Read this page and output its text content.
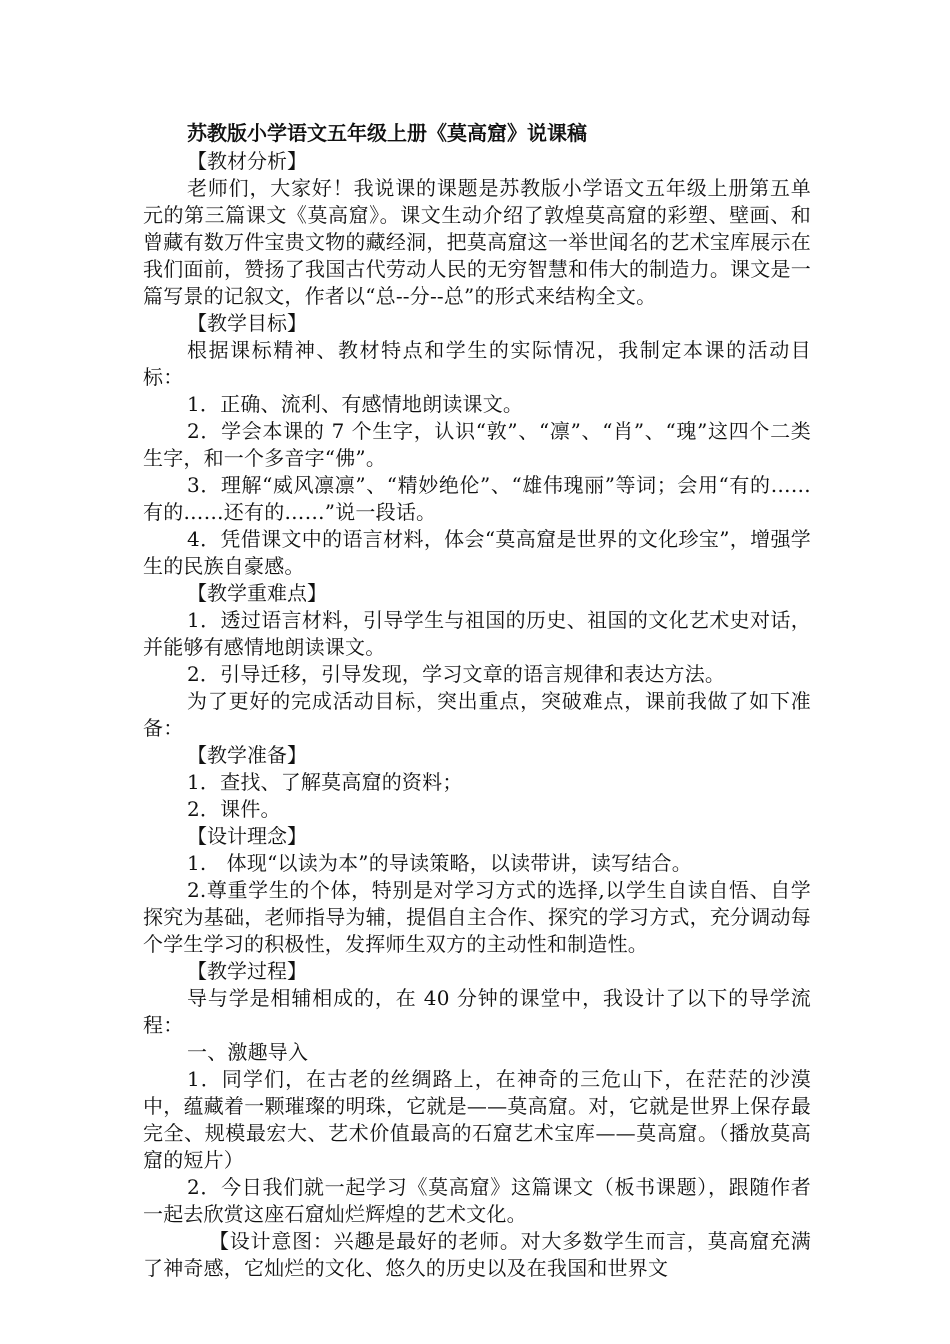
苏教版小学语文五年级上册《莫高窟》说课稿
【教材分析】
老师们，大家好！我说课的课题是苏教版小学语文五年级上册第五单元的第三篇课文《莫高窟》。课文生动介绍了敦煌莫高窟的彩塑、壁画、和曾藏有数万件宝贵文物的藏经洞，把莫高窟这一举世闻名的艺术宝库展示在我们面前，赞扬了我国古代劳动人民的无穷智慧和伟大的制造力。课文是一篇写景的记叙文，作者以“总--分--总”的形式来结构全文。
【教学目标】
根据课标精神、教材特点和学生的实际情况，我制定本课的活动目标：
1．正确、流利、有感情地朗读课文。
2．学会本课的 7 个生字，认识“敦”、“凛”、“肖”、“瑰”这四个二类生字，和一个多音字“佛”。
3．理解“威风凛凛”、“精妙绝伦”、“雄伟瑰丽”等词；会用“有的……有的……还有的……”说一段话。
4．凭借课文中的语言材料，体会“莫高窟是世界的文化珍宝”，增强学生的民族自豪感。
【教学重难点】
1．透过语言材料，引导学生与祖国的历史、祖国的文化艺术史对话，并能够有感情地朗读课文。
2．引导迁移，引导发现，学习文章的语言规律和表达方法。
为了更好的完成活动目标，突出重点，突破难点，课前我做了如下准备：
【教学准备】
1．查找、了解莫高窟的资料；
2．课件。
【设计理念】
1.　体现“以读为本”的导读策略，以读带讲，读写结合。
2.尊重学生的个体，特别是对学习方式的选择,以学生自读自悟、自学探究为基础，老师指导为辅，提倡自主合作、探究的学习方式，充分调动每个学生学习的积极性，发挥师生双方的主动性和制造性。
【教学过程】
导与学是相辅相成的，在 40 分钟的课堂中，我设计了以下的导学流程：
一、激趣导入
1．同学们，在古老的丝绸路上，在神奇的三危山下，在茫茫的沙漠中，蕴藏着一颗璀璨的明珠，它就是——莫高窟。对，它就是世界上保存最完全、规模最宏大、艺术价值最高的石窟艺术宝库——莫高窟。（播放莫高窟的短片）
2．今日我们就一起学习《莫高窟》这篇课文（板书课题），跟随作者一起去欣赏这座石窟灿烂辉煌的艺术文化。
【设计意图：兴趣是最好的老师。对大多数学生而言，莫高窟充满了神奇感，它灿烂的文化、悠久的历史以及在我国和世界文
